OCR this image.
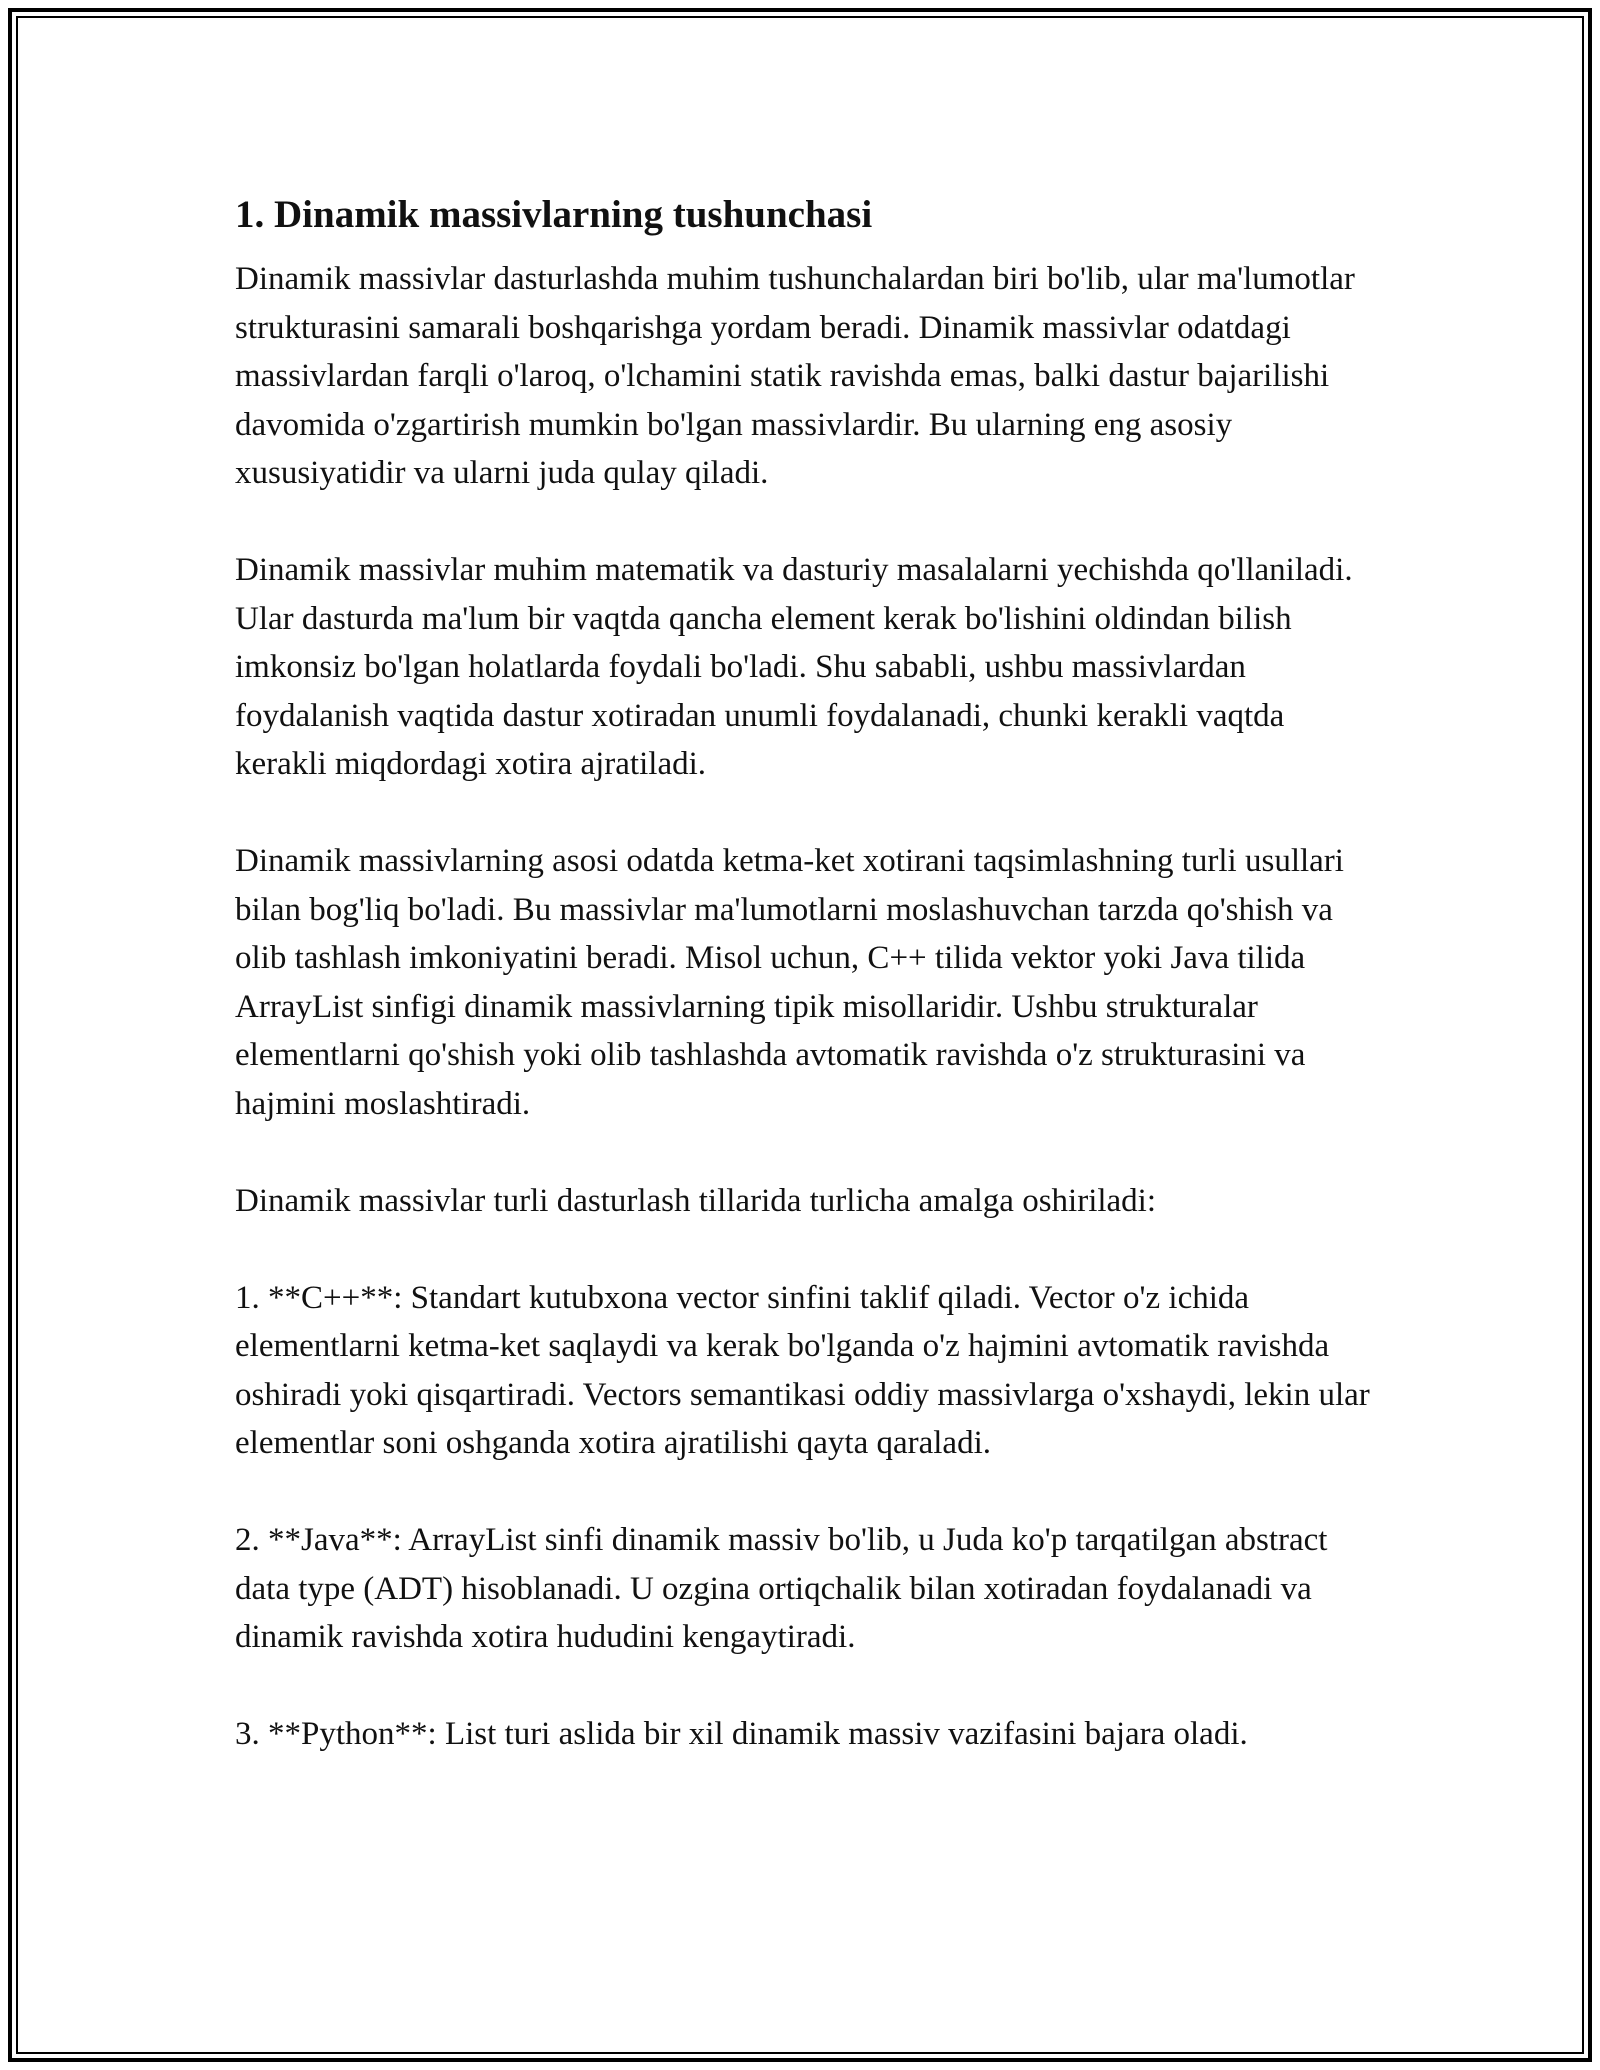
1. Dinamik massivlarning tushunchasi

Dinamik massivlar dasturlashda muhim tushunchalardan biri bo'lib, ular ma'lumotlar strukturasini samarali boshqarishga yordam beradi. Dinamik massivlar odatdagi massivlardan farqli o'laroq, o'lchamini statik ravishda emas, balki dastur bajarilishi davomida o'zgartirish mumkin bo'lgan massivlardir. Bu ularning eng asosiy xususiyatidir va ularni juda qulay qiladi.

Dinamik massivlar muhim matematik va dasturiy masalalarni yechishda qo'llaniladi. Ular dasturda ma'lum bir vaqtda qancha element kerak bo'lishini oldindan bilish imkonsiz bo'lgan holatlarda foydali bo'ladi. Shu sababli, ushbu massivlardan foydalanish vaqtida dastur xotiradan unumli foydalanadi, chunki kerakli vaqtda kerakli miqdordagi xotira ajratiladi.

Dinamik massivlarning asosi odatda ketma-ket xotirani taqsimlashning turli usullari bilan bog'liq bo'ladi. Bu massivlar ma'lumotlarni moslashuvchan tarzda qo'shish va olib tashlash imkoniyatini beradi. Misol uchun, C++ tilida vektor yoki Java tilida ArrayList sinfigi dinamik massivlarning tipik misollaridir. Ushbu strukturalar elementlarni qo'shish yoki olib tashlashda avtomatik ravishda o'z strukturasini va hajmini moslashtiradi.

Dinamik massivlar turli dasturlash tillarida turlicha amalga oshiriladi:

1. **C++**: Standart kutubxona vector sinfini taklif qiladi. Vector o'z ichida elementlarni ketma-ket saqlaydi va kerak bo'lganda o'z hajmini avtomatik ravishda oshiradi yoki qisqartiradi. Vectors semantikasi oddiy massivlarga o'xshaydi, lekin ular elementlar soni oshganda xotira ajratilishi qayta qaraladi.

2. **Java**: ArrayList sinfi dinamik massiv bo'lib, u Juda ko'p tarqatilgan abstract data type (ADT) hisoblanadi. U ozgina ortiqchalik bilan xotiradan foydalanadi va dinamik ravishda xotira hududini kengaytiradi.

3. **Python**: List turi aslida bir xil dinamik massiv vazifasini bajara oladi.
